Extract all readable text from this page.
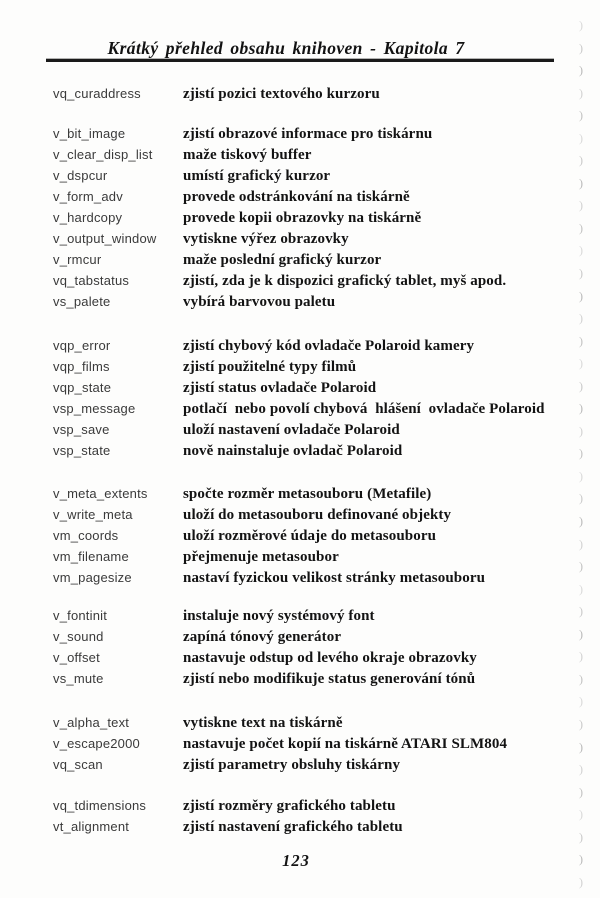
Krátký přehled obsahu knihoven - Kapitola 7
vq_curaddress	zjistí pozici textového kurzoru
v_bit_image	zjistí obrazové informace pro tiskárnu
v_clear_disp_list	maže tiskový buffer
v_dspcur	umístí grafický kurzor
v_form_adv	provede odstránkování na tiskárně
v_hardcopy	provede kopii obrazovky na tiskárně
v_output_window	vytiskne výřez obrazovky
v_rmcur	maže poslední grafický kurzor
vq_tabstatus	zjistí, zda je k dispozici grafický tablet, myš apod.
vs_palete	vybírá barvovou paletu
vqp_error	zjistí chybový kód ovladače Polaroid kamery
vqp_films	zjistí použitelné typy filmů
vqp_state	zjistí status ovladače Polaroid
vsp_message	potlačí  nebo povolí chybová  hlášení  ovladače Polaroid
vsp_save	uloží nastavení ovladače Polaroid
vsp_state	nově nainstaluje ovladač Polaroid
v_meta_extents	spočte rozměr metasouboru (Metafile)
v_write_meta	uloží do metasouboru definované objekty
vm_coords	uloží rozměrové údaje do metasouboru
vm_filename	přejmenuje metasoubor
vm_pagesize	nastaví fyzickou velikost stránky metasouboru
v_fontinit	instaluje nový systémový font
v_sound	zapíná tónový generátor
v_offset	nastavuje odstup od levého okraje obrazovky
vs_mute	zjistí nebo modifikuje status generování tónů
v_alpha_text	vytiskne text na tiskárně
v_escape2000	nastavuje počet kopií na tiskárně ATARI SLM804
vq_scan	zjistí parametry obsluhy tiskárny
vq_tdimensions	zjistí rozměry grafického tabletu
vt_alignment	zjistí nastavení grafického tabletu
123
)
)
)
)
)
)
)
)
)
)
)
)
)
)
)
)
)
)
)
)
)
)
)
)
)
)
)
)
)
)
)
)
)
)
)
)
)
)
)
